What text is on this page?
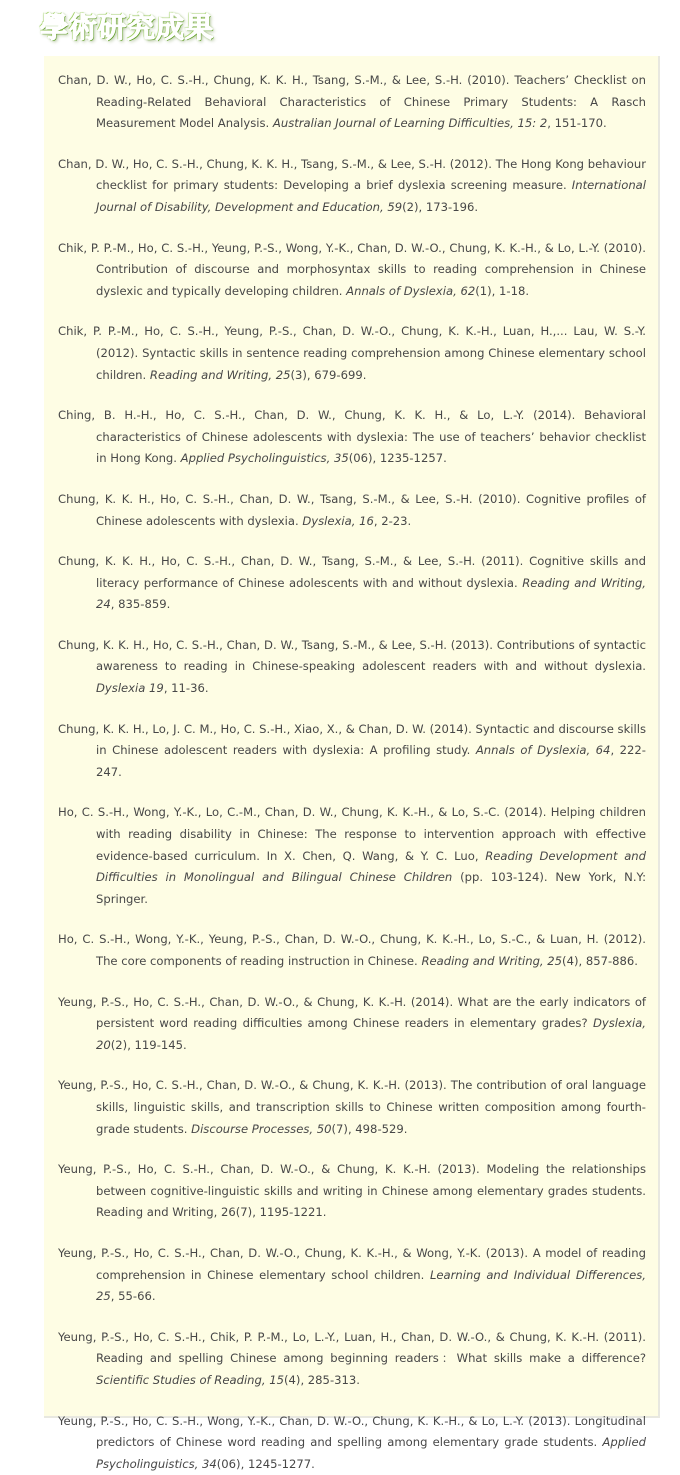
學術研究成果

Chan, D. W., Ho, C. S.-H., Chung, K. K. H., Tsang, S.-M., & Lee, S.-H. (2010). Teachers’ Checklist on Reading-Related Behavioral Characteristics of Chinese Primary Students: A Rasch Measurement Model Analysis. Australian Journal of Learning Difficulties, 15: 2, 151-170.

Chan, D. W., Ho, C. S.-H., Chung, K. K. H., Tsang, S.-M., & Lee, S.-H. (2012). The Hong Kong behaviour checklist for primary students: Developing a brief dyslexia screening measure. International Journal of Disability, Development and Education, 59(2), 173-196.

Chik, P. P.-M., Ho, C. S.-H., Yeung, P.-S., Wong, Y.-K., Chan, D. W.-O., Chung, K. K.-H., & Lo, L.-Y. (2010). Contribution of discourse and morphosyntax skills to reading comprehension in Chinese dyslexic and typically developing children. Annals of Dyslexia, 62(1), 1-18.

Chik, P. P.-M., Ho, C. S.-H., Yeung, P.-S., Chan, D. W.-O., Chung, K. K.-H., Luan, H.,... Lau, W. S.-Y. (2012). Syntactic skills in sentence reading comprehension among Chinese elementary school children. Reading and Writing, 25(3), 679-699.

Ching, B. H.-H., Ho, C. S.-H., Chan, D. W., Chung, K. K. H., & Lo, L.-Y. (2014). Behavioral characteristics of Chinese adolescents with dyslexia: The use of teachers’ behavior checklist in Hong Kong. Applied Psycholinguistics, 35(06), 1235-1257.

Chung, K. K. H., Ho, C. S.-H., Chan, D. W., Tsang, S.-M., & Lee, S.-H. (2010). Cognitive profiles of Chinese adolescents with dyslexia. Dyslexia, 16, 2-23.

Chung, K. K. H., Ho, C. S.-H., Chan, D. W., Tsang, S.-M., & Lee, S.-H. (2011). Cognitive skills and literacy performance of Chinese adolescents with and without dyslexia. Reading and Writing, 24, 835-859.

Chung, K. K. H., Ho, C. S.-H., Chan, D. W., Tsang, S.-M., & Lee, S.-H. (2013). Contributions of syntactic awareness to reading in Chinese-speaking adolescent readers with and without dyslexia. Dyslexia 19, 11-36.

Chung, K. K. H., Lo, J. C. M., Ho, C. S.-H., Xiao, X., & Chan, D. W. (2014). Syntactic and discourse skills in Chinese adolescent readers with dyslexia: A profiling study. Annals of Dyslexia, 64, 222-247.

Ho, C. S.-H., Wong, Y.-K., Lo, C.-M., Chan, D. W., Chung, K. K.-H., & Lo, S.-C. (2014). Helping children with reading disability in Chinese: The response to intervention approach with effective evidence-based curriculum. In X. Chen, Q. Wang, & Y. C. Luo, Reading Development and Difficulties in Monolingual and Bilingual Chinese Children (pp. 103-124). New York, N.Y: Springer.

Ho, C. S.-H., Wong, Y.-K., Yeung, P.-S., Chan, D. W.-O., Chung, K. K.-H., Lo, S.-C., & Luan, H. (2012). The core components of reading instruction in Chinese. Reading and Writing, 25(4), 857-886.

Yeung, P.-S., Ho, C. S.-H., Chan, D. W.-O., & Chung, K. K.-H. (2014). What are the early indicators of persistent word reading difficulties among Chinese readers in elementary grades? Dyslexia, 20(2), 119-145.

Yeung, P.-S., Ho, C. S.-H., Chan, D. W.-O., & Chung, K. K.-H. (2013). The contribution of oral language skills, linguistic skills, and transcription skills to Chinese written composition among fourth-grade students. Discourse Processes, 50(7), 498-529.

Yeung, P.-S., Ho, C. S.-H., Chan, D. W.-O., & Chung, K. K.-H. (2013). Modeling the relationships between cognitive-linguistic skills and writing in Chinese among elementary grades students. Reading and Writing, 26(7), 1195-1221.

Yeung, P.-S., Ho, C. S.-H., Chan, D. W.-O., Chung, K. K.-H., & Wong, Y.-K. (2013). A model of reading comprehension in Chinese elementary school children. Learning and Individual Differences, 25, 55-66.

Yeung, P.-S., Ho, C. S.-H., Chik, P. P.-M., Lo, L.-Y., Luan, H., Chan, D. W.-O., & Chung, K. K.-H. (2011). Reading and spelling Chinese among beginning readers：What skills make a difference? Scientific Studies of Reading, 15(4), 285-313.

Yeung, P.-S., Ho, C. S.-H., Wong, Y.-K., Chan, D. W.-O., Chung, K. K.-H., & Lo, L.-Y. (2013). Longitudinal predictors of Chinese word reading and spelling among elementary grade students. Applied Psycholinguistics, 34(06), 1245-1277.
